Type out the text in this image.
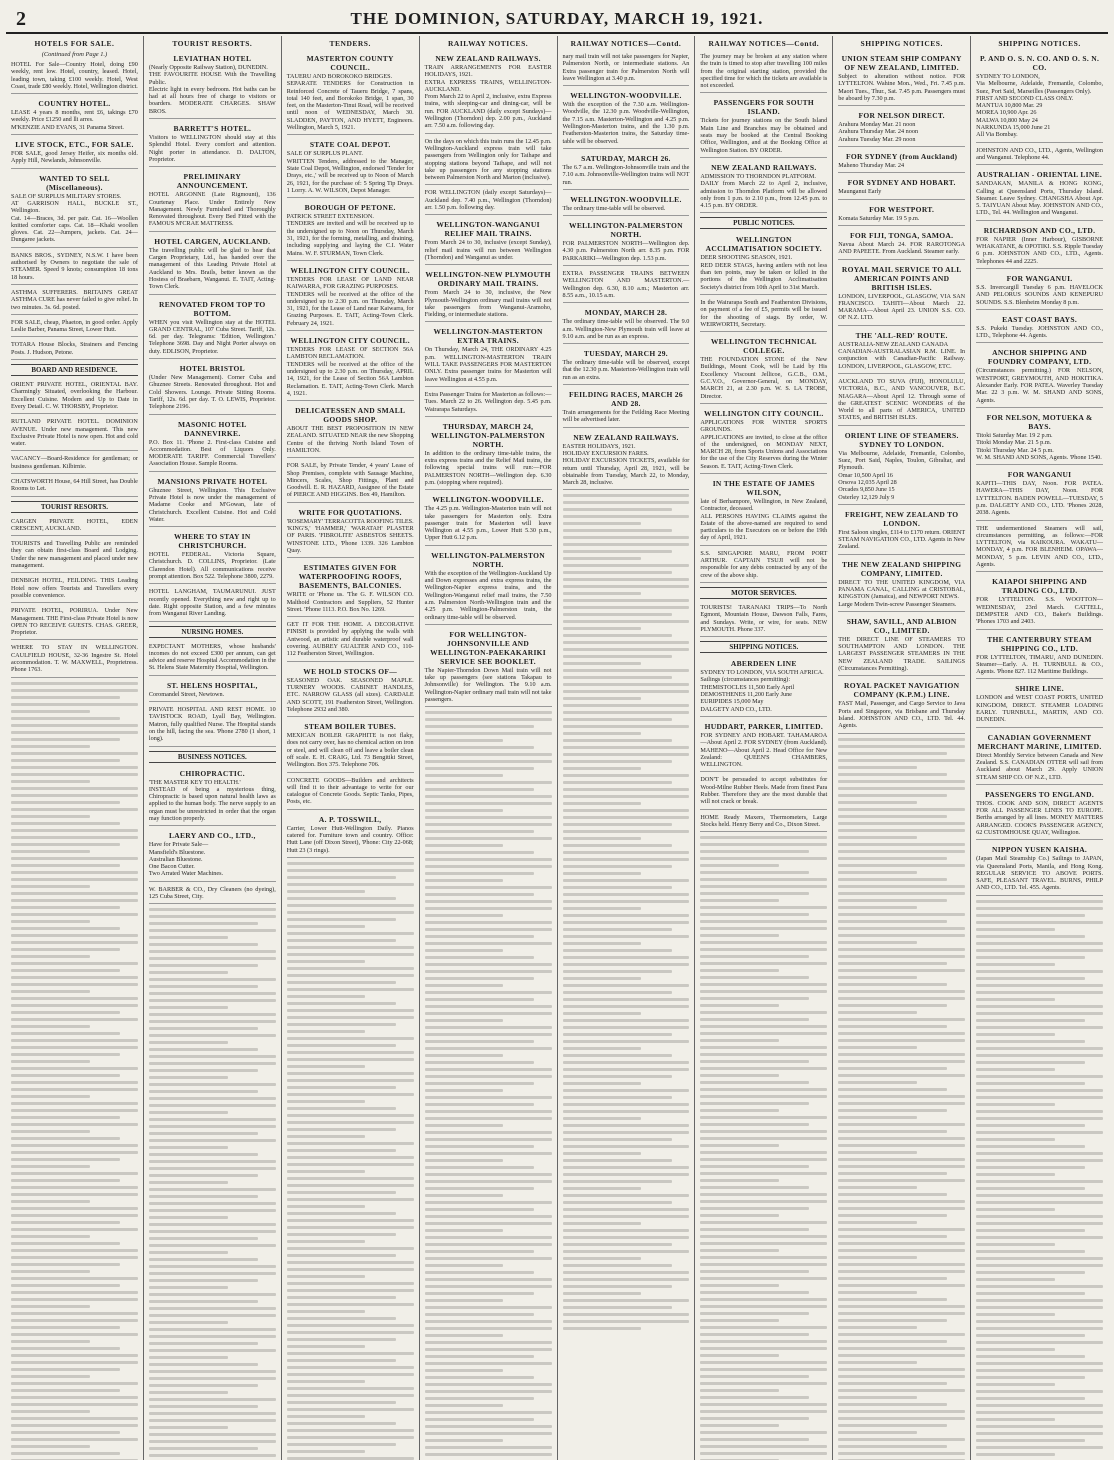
2	THE DOMINION, SATURDAY, MARCH 19, 1921.
HOTELS FOR SALE.
(Continued from Page 1.)

HOTEL For Sale—Country Hotel, doing £90 weekly, rent low. Hotel, country, leased. Hotel, leading town, taking £100 weekly. Hotel, West Coast, trade £80 weekly. Hotel, Wellington district.

COUNTRY HOTEL.

LEASE 4 years 8 months, rent £6, takings £70 weekly. Price £1250 and lli arres.
M'KENZIE AND EVANS, 31 Panama Street.

LIVE STOCK, ETC., FOR SALE.

FOR SALE, good Jersey Heifer, six months old. Apply Hill, Newlands, Johnsonville.

WANTED TO SELL (Miscellaneous).

SALE OF SURPLUS MILITARY STORES.
AT GARRISON HALL, BUCKLE ST., Wellington.
Cat. 14—Braces, 3d. per pair. Cat. 16—Woollen knitted comforter caps. Cat. 18—Khaki woollen gloves. Cat. 22—Jumpers, jackets. Cat. 24—Dungaree jackets.

BANKS BROS., SYDNEY, N.S.W. I have been authorised by Owners to negotiate the sale of STEAMER. Speed 9 knots; consumption 18 tons 18 hours.

ASTHMA SUFFERERS. BRITAIN'S GREAT ASTHMA CURE has never failed to give relief. In two minutes. 3s. 6d. posted.

FOR SALE, cheap, Phaeton, in good order. Apply Leslie Barber, Panama Street, Lower Hutt.

TOTARA House Blocks, Strainers and Fencing Posts. J. Hudson, Petone.

BOARD AND RESIDENCE.

ORIENT PRIVATE HOTEL, ORIENTAL BAY. Charmingly Situated, overlooking the Harbour. Excellent Cuisine. Modern and Up to Date in Every Detail. C. W. THORSBY, Proprietor.

RUTLAND PRIVATE HOTEL. DOMINION AVENUE. Under new management. This new Exclusive Private Hotel is now open. Hot and cold water.

VACANCY—Board-Residence for gentleman; or business gentleman. Kilbirnie.

CHATSWORTH House, 64 Hill Street, has Double Rooms to Let.

TOURIST RESORTS.

CARGEN PRIVATE HOTEL, EDEN CRESCENT, AUCKLAND.

TOURISTS and Travelling Public are reminded they can obtain first-class Board and Lodging. Under the new management and placed under new management.

DENBIGH HOTEL, FEILDING. THIS Leading Hotel now offers Tourists and Travellers every possible convenience.

PRIVATE HOTEL, PORIRUA. Under New Management. THE First-class Private Hotel is now OPEN TO RECEIVE GUESTS. CHAS. GREER, Proprietor.

WHERE TO STAY IN WELLINGTON. CAULFIELD HOUSE, 32-36 Ingestre St. Hotel accommodation. T. W. MAXWELL, Proprietress. Phone 1763.

TOURIST RESORTS.
LEVIATHAN HOTEL

(Nearly Opposite Railway Station), DUNEDIN.
THE FAVOURITE HOUSE With the Travelling Public.
Electric light in every bedroom. Hot baths can be had at all hours free of charge to visitors or boarders. MODERATE CHARGES. SHAW BROS.

BARRETT'S HOTEL.

Visitors to WELLINGTON should stay at this Splendid Hotel. Every comfort and attention. Night porter in attendance. D. DALTON, Proprietor.

PRELIMINARY ANNOUNCEMENT.

HOTEL ARGONNE (Late Rigmount), 136 Courtenay Place. Under Entirely New Management. Newly Furnished and Thoroughly Renovated throughout. Every Bed Fitted with the FAMOUS M'CRAE MATTRESS.

HOTEL CARGEN, AUCKLAND.

The travelling public will be glad to hear that Cargen Proprietary, Ltd., has handed over the management of this Leading Private Hotel at Auckland to Mrs. Brails, better known as the Hostess of Braebarn, Wanganui. E. TAIT, Acting-Town Clerk.

RENOVATED FROM TOP TO BOTTOM.

WHEN you visit Wellington stay at the HOTEL GRAND CENTRAL, 107 Cuba Street. Tariff, 12s. 6d. per day. Telegrams: 'Edition, Wellington.' Telephone 3698. Day and Night Porter always on duty. EDLISON, Proprietor.

HOTEL BRISTOL

(Under New Management). Corner Cuba and Ghuznee Streets. Renovated throughout. Hot and Cold Showers. Lounge. Private Sitting Rooms. Tariff, 12s. 6d. per day. T. O. LEWIS, Proprietor. Telephone 2196.

MASONIC HOTEL DANNEVIRKE.

P.O. Box 11. 'Phone 2. First-class Cuisine and Accommodation. Best of Liquors Only. MODERATE TARIFF. Commercial Travellers' Association House. Sample Rooms.

MANSIONS PRIVATE HOTEL

Ghuznee Street, Wellington. This Exclusive Private Hotel is now under the management of Madame Cooke and M'Gowan, late of Christchurch. Excellent Cuisine. Hot and Cold Water.

WHERE TO STAY IN CHRISTCHURCH.

HOTEL FEDERAL. Victoria Square, Christchurch. D. COLLINS, Proprietor. (Late Clarendon Hotel). All communications receive prompt attention. Box 522. Telephone 3800, 2279.

HOTEL LANGHAM, TAUMARUNUI. JUST recently opened. Everything new and right up to date. Right opposite Station, and a few minutes from Wanganui River Landing.

NURSING HOMES.

EXPECTANT MOTHERS, whose husbands' incomes do not exceed £300 per annum, can get advice and reserve Hospital Accommodation in the St. Helens State Maternity Hospital, Wellington.

ST. HELENS HOSPITAL,

Coromandel Street, Newtown.

PRIVATE HOSPITAL AND REST HOME. 10 TAVISTOCK ROAD, Lyall Bay, Wellington. Matron, fully qualified Nurse. The Hospital stands on the hill, facing the sea. 'Phone 2780 (1 short, 1 long).

BUSINESS NOTICES.
CHIROPRACTIC.

'THE MASTER KEY TO HEALTH.'
INSTEAD of being a mysterious thing, Chiropractic is based upon natural health laws as applied to the human body. The nerve supply to an organ must be unrestricted in order that the organ may function properly.

LAERY AND CO., LTD.,

Have for Private Sale—
Mansfield's Bluestone.
Australian Bluestone.
One Bacon Cutter.
Two Arrated Water Machines.

W. BARBER & CO., Dry Cleaners (no dyeing), 125 Cuba Street, City.

TENDERS.
MASTERTON COUNTY COUNCIL.

TAUERU AND BOROKOKO BRIDGES.
SEPARATE TENDERS for Construction in Reinforced Concrete of Taueru Bridge, 7 spans, total 140 feet, and Borokoko Bridge, 1 span, 30 feet, on the Masterton-Tinui Road, will be received until noon of WEDNESDAY, March 30. SLADDEN, PAYTON, AND HYETT, Engineers. Wellington, March 5, 1921.

STATE COAL DEPOT.

SALE OF SURPLUS PLANT.
WRITTEN Tenders, addressed to the Manager, State Coal Depot, Wellington, endorsed 'Tender for Drays, etc.,' will be received up to Noon of March 26, 1921, for the purchase of: 5 Spring Tip Drays. 1 Lorry. A. W. WILSON, Depot Manager.

BOROUGH OF PETONE.

PATRICK STREET EXTENSION.
TENDERS are invited and will be received up to the undersigned up to Noon on Thursday, March 31, 1921, for the forming, metalling, and draining, including supplying and laying the C.I. Water Mains. W. F. STURMAN, Town Clerk.

WELLINGTON CITY COUNCIL.

TENDERS FOR LEASE OF LAND NEAR KAIWARRA, FOR GRAZING PURPOSES.
TENDERS will be received at the office of the undersigned up to 2.30 p.m. on Thursday, March 31, 1921, for the Lease of Land near Kaiwarra, for Grazing Purposes. E. TAIT, Acting-Town Clerk. February 24, 1921.

WELLINGTON CITY COUNCIL.

TENDERS FOR LEASE OF SECTION 56A LAMBTON RECLAMATION.
TENDERS will be received at the office of the undersigned up to 2.30 p.m. on Thursday, APRIL 14, 1921, for the Lease of Section 56A Lambton Reclamation. E. TAIT, Acting-Town Clerk. March 4, 1921.

DELICATESSEN AND SMALL GOODS SHOP.

ABOUT THE BEST PROPOSITION IN NEW ZEALAND. SITUATED NEAR the new Shopping Centre of the thriving North Island Town of HAMILTON.

FOR SALE, by Private Tender, 4 years' Lease of Shop Premises, complete with Sausage Machine, Mincers, Scales, Shop Fittings, Plant and Goodwill. E. R. HAZARD, Assignee of the Estate of PIERCE AND HIGGINS. Box 49, Hamilton.

WRITE FOR QUOTATIONS.

'ROSEMARY' TERRACOTTA ROOFING TILES. 'KING'S,' 'HAMMER,' 'WARATAH' PLASTER OF PARIS. 'FIBROLITE' ASBESTOS SHEETS. WINSTONE LTD., 'Phone 1339. 326 Lambton Quay.

ESTIMATES GIVEN FOR WATERPROOFING ROOFS, BASEMENTS, BALCONIES.

WRITE or 'Phone us. 'The G. F. WILSON CO. Malthoid Contractors and Suppliers, 52 Hunter Street. 'Phone 1113. P.O. Box No. 1269.

GET IT FOR THE HOME. A DECORATIVE FINISH is provided by applying the walls with Antwood, an artistic and durable waterproof wall covering. AUBREY GUALTER AND CO., 110-112 Featherston Street, Wellington.

WE HOLD STOCKS OF—

SEASONED OAK. SEASONED MAPLE. TURNERY WOODS. CABINET HANDLES, ETC. NARROW GLASS (all sizes). CARDALE AND SCOTT, 191 Featherston Street, Wellington. Telephone 2932 and 380.

STEAM BOILER TUBES.

MEXICAN BOILER GRAPHITE is not flaky, does not carry over, has no chemical action on iron or steel, and will clean off and leave a boiler clean off scale. E. H. CRAIG, Ltd. 73 Bengitiki Street, Wellington. Box 375. Telephone 706.

CONCRETE GOODS—Builders and architects will find it to their advantage to write for our catalogue of Concrete Goods. Septic Tanks, Pipes, Posts, etc.

A. P. TOSSWILL,

Carrier, Lower Hutt-Wellington Daily. Pianos catered for. Furniture town and country. Office: Hutt Lane (off Dixon Street), 'Phone: City 22-068; Hutt 23 (3 rings).

RAILWAY NOTICES.
NEW ZEALAND RAILWAYS.

TRAIN ARRANGEMENTS FOR EASTER HOLIDAYS, 1921.
EXTRA EXPRESS TRAINS, WELLINGTON-AUCKLAND.
From March 22 to April 2, inclusive, extra Express trains, with sleeping-car and dining-car, will be run. FOR AUCKLAND (daily except Sundays)—Wellington (Thorndon) dep. 2.00 p.m., Auckland arr. 7.50 a.m. following day.

On the days on which this train runs the 12.45 p.m. Wellington-Auckland express train will take passengers from Wellington only for Taihape and stopping stations beyond Taihape, and will not take up passengers for any stopping stations between Palmerston North and Marton (inclusive).

FOR WELLINGTON (daily except Saturdays)—Auckland dep. 7.40 p.m., Wellington (Thorndon) arr. 1.50 p.m. following day.

WELLINGTON-WANGANUI RELIEF MAIL TRAINS.

From March 24 to 30, inclusive (except Sunday), relief mail trains will run between Wellington (Thorndon) and Wanganui as under.

WELLINGTON-NEW PLYMOUTH ORDINARY MAIL TRAINS.

From March 24 to 30, inclusive, the New Plymouth-Wellington ordinary mail trains will not take passengers from Wanganui-Aramoho, Fielding, or intermediate stations.

WELLINGTON-MASTERTON EXTRA TRAINS.

On Thursday, March 24, THE ORDINARY 4.25 p.m. WELLINGTON-MASTERTON TRAIN WILL TAKE PASSENGERS FOR MASTERTON ONLY. Extra passenger trains for Masterton will leave Wellington at 4.55 p.m.

Extra Passenger Trains for Masterton as follows:—Tues. March 22 to 26. Wellington dep. 5.45 p.m. Wairarapa Saturdays.

THURSDAY, MARCH 24, WELLINGTON-PALMERSTON NORTH.

In addition to the ordinary time-table trains, the extra express trains and the Relief Mail trains, the following special trains will run:—FOR PALMERSTON NORTH—Wellington dep. 6.30 p.m. (stopping where required).

WELLINGTON-WOODVILLE.

The 4.25 p.m. Wellington-Masterton train will not take passengers for Masterton only. Extra passenger train for Masterton will leave Wellington at 4.55 p.m., Lower Hutt 5.30 p.m., Upper Hutt 6.12 p.m.

WELLINGTON-PALMERSTON NORTH.

With the exception of the Wellington-Auckland Up and Down expresses and extra express trains, the Wellington-Napier express trains, and the Wellington-Wanganui relief mail trains, the 7.50 a.m. Palmerston North-Wellington train and the 4.25 p.m. Wellington-Palmerston train, the ordinary time-table will be observed.

FOR WELLINGTON-JOHNSONVILLE AND WELLINGTON-PAEKAKARIKI SERVICE SEE BOOKLET.

The Napier-Thorndon Down Mail train will not take up passengers (see stations Takapau to Johnsonville) for Wellington. The 9.10 a.m. Wellington-Napier ordinary mail train will not take passengers.

RAILWAY NOTICES—Contd.

nary mail train will not take passengers for Napier, Palmerston North, or intermediate stations. An Extra passenger train for Palmerston North will leave Wellington at 3.40 p.m.

WELLINGTON-WOODVILLE.

With the exception of the 7.30 a.m. Wellington-Woodville, the 12.30 p.m. Woodville-Wellington, the 7.15 a.m. Masterton-Wellington and 4.25 p.m. Wellington-Masterton trains, and the 1.30 p.m. Featherston-Masterton trains, the Saturday time-table will be observed.

SATURDAY, MARCH 26.

The 6.7 a.m. Wellington-Johnsonville train and the 7.10 a.m. Johnsonville-Wellington trains will NOT run.

WELLINGTON-WOODVILLE.

The ordinary time-table will be observed.

WELLINGTON-PALMERSTON NORTH.

FOR PALMERSTON NORTH—Wellington dep. 4.30 p.m. Palmerston North arr. 8.35 p.m. FOR PARKARIKI—Wellington dep. 1.53 p.m.

EXTRA PASSENGER TRAINS BETWEEN WELLINGTON AND MASTERTON.—Wellington dep. 6.30, 8.10 a.m.; Masterton arr. 8.55 a.m., 10.15 a.m.

MONDAY, MARCH 28.

The ordinary time-table will be observed. The 9.0 a.m. Wellington-New Plymouth train will leave at 9.10 a.m. and be run as an express.

TUESDAY, MARCH 29.

The ordinary time-table will be observed, except that the 12.30 p.m. Masterton-Wellington train will run as an extra.

FEILDING RACES, MARCH 26 AND 28.

Train arrangements for the Feilding Race Meeting will be advertised later.

NEW ZEALAND RAILWAYS.

EASTER HOLIDAYS, 1921.
HOLIDAY EXCURSION FARES.
HOLIDAY EXCURSION TICKETS, available for return until Thursday, April 28, 1921, will be obtainable from Tuesday, March 22, to Monday, March 28, inclusive.

RAILWAY NOTICES—Contd.

The journey may be broken at any station where the train is timed to stop after travelling 100 miles from the original starting station, provided the specified time for which the tickets are available is not exceeded.

PASSENGERS FOR SOUTH ISLAND.

Tickets for journey stations on the South Island Main Line and Branches may be obtained and seats may be booked at the Central Booking Office, Wellington, and at the Booking Office at Wellington Station. BY ORDER.

NEW ZEALAND RAILWAYS.

ADMISSION TO THORNDON PLATFORM.
DAILY from March 22 to April 2, inclusive, admission to Thorndon Platform will be allowed only from 1 p.m. to 2.10 p.m., from 12.45 p.m. to 4.15 p.m. BY ORDER.

PUBLIC NOTICES.
WELLINGTON ACCLIMATISATION SOCIETY.

DEER SHOOTING SEASON, 1921.
RED DEER STAGS, having antlers with not less than ten points, may be taken or killed in the portions of the Wellington Acclimatisation Society's district from 10th April to 31st March.

In the Wairarapa South and Featherston Divisions, on payment of a fee of £5, permits will be issued for the shooting of stags. By order, W. WEIRWORTH, Secretary.

WELLINGTON TECHNICAL COLLEGE.

THE FOUNDATION STONE of the New Buildings, Mount Cook, will be Laid by His Excellency Viscount Jellicoe, G.C.B., O.M., G.C.V.O., Governor-General, on MONDAY, MARCH 21, at 2.30 p.m. W. S. LA TROBE, Director.

WELLINGTON CITY COUNCIL.

APPLICATIONS FOR WINTER SPORTS GROUNDS.
APPLICATIONS are invited, to close at the office of the undersigned, on MONDAY NEXT, MARCH 28, from Sports Unions and Associations for the use of the City Reserves during the Winter Season. E. TAIT, Acting-Town Clerk.

IN THE ESTATE OF JAMES WILSON,

late of Berhampore, Wellington, in New Zealand, Contractor, deceased.
ALL PERSONS HAVING CLAIMS against the Estate of the above-named are required to send particulars to the Executors on or before the 19th day of April, 1921.

S.S. SINGAPORE MARU, FROM PORT ARTHUR. CAPTAIN TSUJI will not be responsible for any debts contracted by any of the crew of the above ship.

MOTOR SERVICES.

TOURISTS! TARANAKI TRIPS—To North Egmont, Mountain House, Dawson Falls, Fares, and Sundays. Write, or wire, for seats. NEW PLYMOUTH. Phone 337.

SHIPPING NOTICES.
ABERDEEN LINE

SYDNEY TO LONDON, VIA SOUTH AFRICA.
Sailings (circumstances permitting):
THEMISTOCLES 11,500 Early April
DEMOSTHENES 11,200 Early June
EURIPIDES 15,000 May
DALGETY AND CO., LTD.

HUDDART, PARKER, LIMITED.

FOR SYDNEY AND HOBART. TAHAMAROA—About April 2. FOR SYDNEY (from Auckland). MAHENO—About April 2. Head Office for New Zealand: QUEEN'S CHAMBERS, WELLINGTON.

DON'T be persuaded to accept substitutes for Wood-Milne Rubber Heels. Made from finest Para Rubber. Therefore they are the most durable that will not crack or break.

HOME Ready Maxers, Thermometers, Large Stocks held. Henry Berry and Co., Dixon Street.

SHIPPING NOTICES.
UNION STEAM SHIP COMPANY OF NEW ZEALAND, LIMITED.

Subject to alteration without notice. FOR LYTTELTON. Wahine Mon., Wed., Fri. 7.45 p.m. Maori Tues., Thur., Sat. 7.45 p.m. Passengers must be aboard by 7.30 p.m.

FOR NELSON DIRECT.

Arahura Monday Mar. 21 noon
Arahura Thursday Mar. 24 noon
Arahura Tuesday Mar. 29 noon

FOR SYDNEY (from Auckland)

Maheno Thursday Mar. 24

FOR SYDNEY AND HOBART.

Maunganui Early

FOR WESTPORT.

Komata Saturday Mar. 19 5 p.m.

FOR FIJI, TONGA, SAMOA.

Navua About March 24. FOR RAROTONGA AND PAPEETE. From Auckland. Steamer early.

ROYAL MAIL SERVICE TO ALL AMERICAN POINTS AND BRITISH ISLES.

LONDON, LIVERPOOL, GLASGOW, VIA SAN FRANCISCO. TAHITI—About March 22. MARAMA—About April 23. UNION S.S. CO. OF N.Z. LTD.

THE 'ALL-RED' ROUTE.

AUSTRALIA-NEW ZEALAND CANADA
CANADIAN-AUSTRALASIAN R.M. LINE. In conjunction with Canadian-Pacific Railway. LONDON, LIVERPOOL, GLASGOW, ETC.

AUCKLAND TO SUVA (FIJI), HONOLULU, VICTORIA, B.C., AND VANCOUVER, B.C. NIAGARA—About April 12. Through some of the GREATEST SCENIC WONDERS of the World to all parts of AMERICA, UNITED STATES, and BRITISH ISLES.

ORIENT LINE OF STEAMERS. SYDNEY TO LONDON.

Via Melbourne, Adelaide, Fremantle, Colombo, Suez, Port Said, Naples, Toulon, Gibraltar, and Plymouth.
Omar 10,500 April 16
Orsova 12,035 April 28
Orcades 9,850 June 15
Osterley 12,129 July 9

FREIGHT, NEW ZEALAND TO LONDON.

First Saloon singles, £114 to £170 return. ORIENT STEAM NAVIGATION CO., LTD. Agents in New Zealand.

THE NEW ZEALAND SHIPPING COMPANY, LIMITED.

DIRECT TO THE UNITED KINGDOM, VIA PANAMA CANAL, CALLING at CRISTOBAL, KINGSTON (Jamaica), and NEWPORT NEWS.
Large Modern Twin-screw Passenger Steamers.

SHAW, SAVILL, AND ALBION CO., LIMITED.

THE DIRECT LINE OF STEAMERS TO SOUTHAMPTON AND LONDON. THE LARGEST PASSENGER STEAMERS IN THE NEW ZEALAND TRADE. SAILINGS (Circumstances Permitting).

ROYAL PACKET NAVIGATION COMPANY (K.P.M.) LINE.

FAST Mail, Passenger, and Cargo Service to Java Ports and Singapore, via Brisbane and Thursday Island. JOHNSTON AND CO., LTD. Tel. 44. Agents.

SHIPPING NOTICES.
P. AND O. S. N. CO. AND O. S. N. CO.

SYDNEY TO LONDON,
Via Melbourne, Adelaide, Fremantle, Colombo, Suez, Port Said, Marseilles (Passengers Only).
FIRST AND SECOND CLASS ONLY.
MANTUA 10,800 Mar. 29
MOREA 10,900 Apr. 26
MALWA 10,800 May 24
NARKUNDA 15,000 June 21
All Via Bombay.

JOHNSTON AND CO., LTD., Agents, Wellington and Wanganui. Telephone 44.

AUSTRALIAN - ORIENTAL LINE.

SANDAKAN, MANILA & HONG KONG, Calling at Queensland Ports, Thursday Island. Steamer. Leave Sydney. CHANGSHA About Apr. 5. TAIYUAN About May. JOHNSTON AND CO., LTD., Tel. 44. Wellington and Wanganui.

RICHARDSON AND CO., LTD.

FOR NAPIER (Inner Harbour), GISBORNE WHAKATANE, & OPOTIKI. S.S. Ripple Tuesday 6 p.m. JOHNSTON AND CO., LTD., Agents. Telephones 44 and 2225.

FOR WANGANUI.

S.S. Invercargill Tuesday 6 p.m. HAVELOCK AND PELORUS SOUNDS AND KENEPURU SOUNDS. S.S. Blenheim Monday 8 p.m.

EAST COAST BAYS.

S.S. Pukeki Tuesday. JOHNSTON AND CO., LTD., Telephone 44. Agents.

ANCHOR SHIPPING AND FOUNDRY COMPANY, LTD.

(Circumstances permitting.) FOR NELSON, WESTPORT, GREYMOUTH, AND HOKITIKA. Alexander Early. FOR PATEA. Waverley Tuesday Mar. 22 3 p.m. W. M. SHAND AND SONS, Agents.

FOR NELSON, MOTUEKA & BAYS.

Titoki Saturday Mar. 19 2 p.m.
Titoki Monday Mar. 21 5 p.m.
Titoki Thursday Mar. 24 5 p.m.
W. M. SHAND AND SONS, Agents. 'Phone 1540.

FOR WANGANUI

KAPITI—THIS DAY, Noon. FOR PATEA. HAWERA—THIS DAY, Noon. FOR LYTTELTON. BADEN POWELL—TUESDAY, 5 p.m. DALGETY AND CO., LTD. 'Phones 2028, 2038. Agents.

THE undermentioned Steamers will sail, circumstances permitting, as follows:—FOR LYTTELTON, via KAIKOURA. WAKATU—MONDAY, 4 p.m. FOR BLENHEIM. OPAWA—MONDAY, 5 p.m. LEVIN AND CO., LTD., Agents.

KAIAPOI SHIPPING AND TRADING CO., LTD.

FOR LYTTELTON. S.S. WOOTTON—WEDNESDAY, 23rd March. CATTELL, DEMPSTER AND CO., Baker's Buildings. 'Phones 1703 and 2403.

THE CANTERBURY STEAM SHIPPING CO., LTD.

FOR LYTTELTON, TIMARU, AND DUNEDIN. Steamer—Early. A. H. TURNBULL & CO., Agents. 'Phone 827. 112 Maritime Buildings.

SHIRE LINE.

LONDON and WEST COAST PORTS, UNITED KINGDOM, DIRECT. STEAMER LOADING EARLY. TURNBULL, MARTIN, AND CO. DUNEDIN.

CANADIAN GOVERNMENT MERCHANT MARINE, LIMITED.

Direct Monthly Service between Canada and New Zealand. S.S. CANADIAN OTTER will sail from Auckland about March 29. Apply UNION STEAM SHIP CO. OF N.Z., LTD.

PASSENGERS TO ENGLAND.

THOS. COOK AND SON, DIRECT AGENTS FOR ALL PASSENGER LINES TO EUROPE. Berths arranged by all lines. MONEY MATTERS ARRANGED. COOK'S PASSENGER AGENCY, 62 CUSTOMHOUSE QUAY, Wellington.

NIPPON YUSEN KAISHA.

(Japan Mail Steamship Co.) Sailings to JAPAN, via Queensland Ports, Manila, and Hong Kong. REGULAR SERVICE TO ABOVE PORTS. SAFE, PLEASANT TRAVEL. BURNS, PHILP AND CO., LTD. Tel. 455. Agents.
